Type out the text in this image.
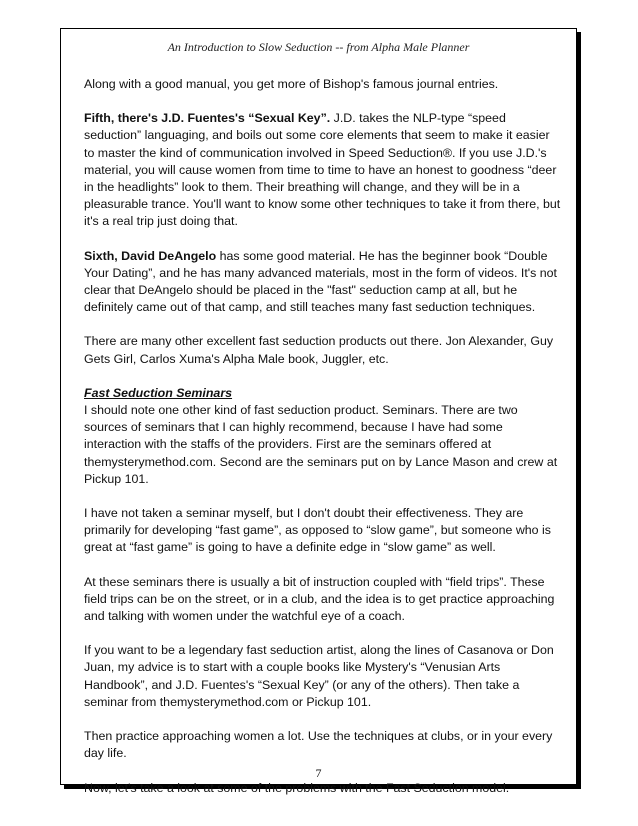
An Introduction to Slow Seduction -- from Alpha Male Planner

Along with a good manual, you get more of Bishop's famous journal entries.

Fifth, there's J.D. Fuentes's “Sexual Key”. J.D. takes the NLP-type “speed seduction” languaging, and boils out some core elements that seem to make it easier to master the kind of communication involved in Speed Seduction®. If you use J.D.'s material, you will cause women from time to time to have an honest to goodness “deer in the headlights” look to them. Their breathing will change, and they will be in a pleasurable trance. You'll want to know some other techniques to take it from there, but it's a real trip just doing that.

Sixth, David DeAngelo has some good material. He has the beginner book “Double Your Dating”, and he has many advanced materials, most in the form of videos. It's not clear that DeAngelo should be placed in the "fast" seduction camp at all, but he definitely came out of that camp, and still teaches many fast seduction techniques.

There are many other excellent fast seduction products out there. Jon Alexander, Guy Gets Girl, Carlos Xuma's Alpha Male book, Juggler, etc.

Fast Seduction Seminars
I should note one other kind of fast seduction product. Seminars. There are two sources of seminars that I can highly recommend, because I have had some interaction with the staffs of the providers. First are the seminars offered at themysterymethod.com. Second are the seminars put on by Lance Mason and crew at Pickup 101.

I have not taken a seminar myself, but I don't doubt their effectiveness. They are primarily for developing “fast game”, as opposed to “slow game”, but someone who is great at “fast game” is going to have a definite edge in “slow game” as well.

At these seminars there is usually a bit of instruction coupled with “field trips”. These field trips can be on the street, or in a club, and the idea is to get practice approaching and talking with women under the watchful eye of a coach.

If you want to be a legendary fast seduction artist, along the lines of Casanova or Don Juan, my advice is to start with a couple books like Mystery's “Venusian Arts Handbook”, and J.D. Fuentes's “Sexual Key” (or any of the others). Then take a seminar from themysterymethod.com or Pickup 101.

Then practice approaching women a lot. Use the techniques at clubs, or in your every day life.

Now, let's take a look at some of the problems with the Fast Seduction model.

7
